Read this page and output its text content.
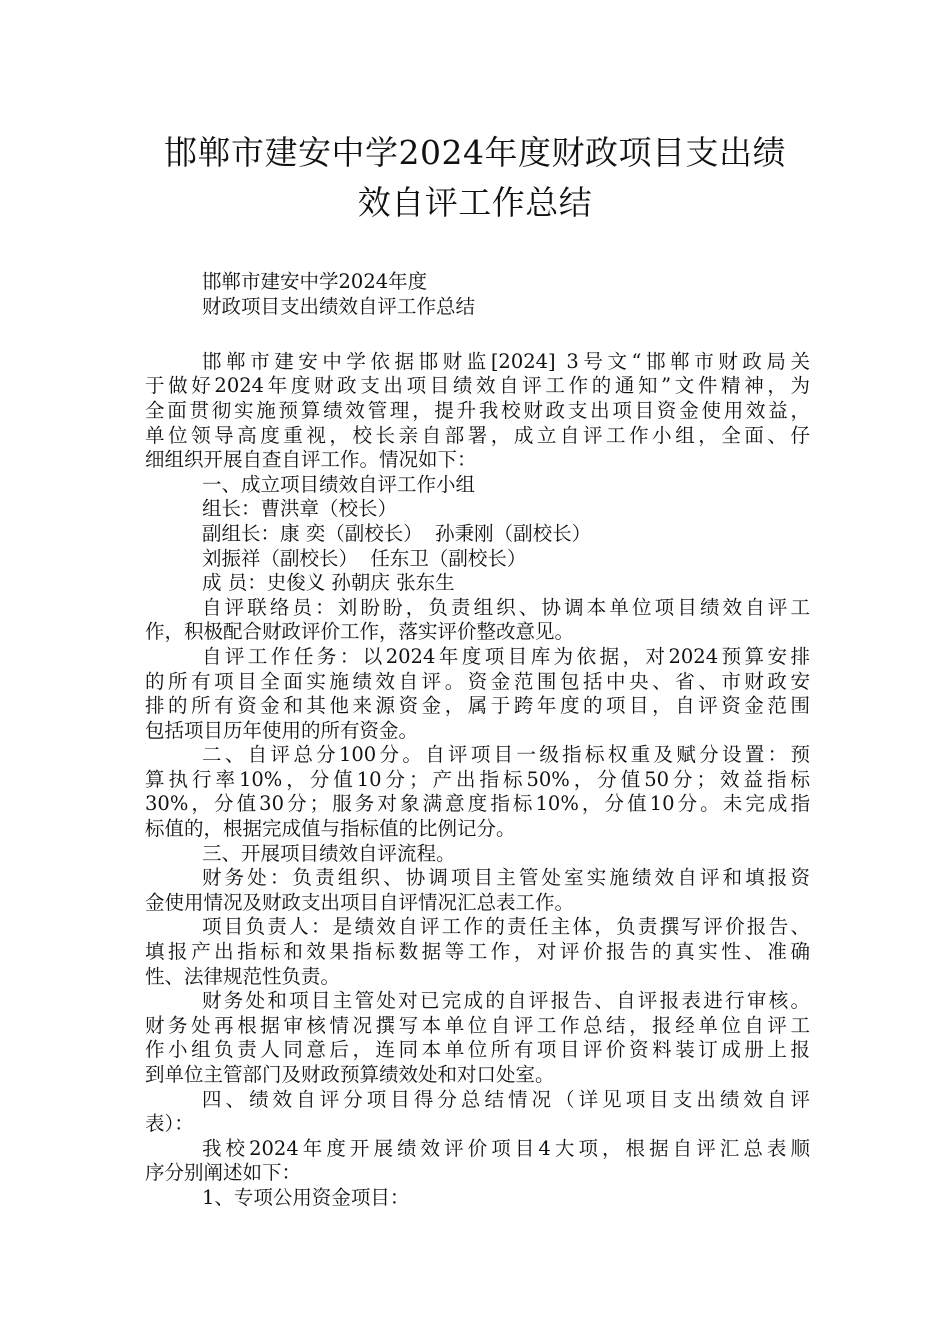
邯郸市建安中学2024年度财政项目支出绩
效自评工作总结
邯郸市建安中学2024年度
财政项目支出绩效自评工作总结
邯郸市建安中学依据邯财监[2024] 3号文“邯郸市财政局关
于做好2024年度财政支出项目绩效自评工作的通知”文件精神，为
全面贯彻实施预算绩效管理，提升我校财政支出项目资金使用效益，
单位领导高度重视，校长亲自部署，成立自评工作小组，全面、仔
细组织开展自查自评工作。情况如下：
一、成立项目绩效自评工作小组
组长：曹洪章（校长）
副组长：康 奕（副校长）  孙秉刚（副校长）
刘振祥（副校长）  任东卫（副校长）
成 员：史俊义 孙朝庆 张东生
自评联络员：刘盼盼，负责组织、协调本单位项目绩效自评工
作，积极配合财政评价工作，落实评价整改意见。
自评工作任务：以2024年度项目库为依据，对2024预算安排
的所有项目全面实施绩效自评。资金范围包括中央、省、市财政安
排的所有资金和其他来源资金，属于跨年度的项目，自评资金范围
包括项目历年使用的所有资金。
二、自评总分100分。自评项目一级指标权重及赋分设置：预
算执行率10%，分值10分；产出指标50%，分值50分；效益指标
30%，分值30分；服务对象满意度指标10%，分值10分。未完成指
标值的，根据完成值与指标值的比例记分。
三、开展项目绩效自评流程。
财务处：负责组织、协调项目主管处室实施绩效自评和填报资
金使用情况及财政支出项目自评情况汇总表工作。
项目负责人：是绩效自评工作的责任主体，负责撰写评价报告、
填报产出指标和效果指标数据等工作，对评价报告的真实性、准确
性、法律规范性负责。
财务处和项目主管处对已完成的自评报告、自评报表进行审核。
财务处再根据审核情况撰写本单位自评工作总结，报经单位自评工
作小组负责人同意后，连同本单位所有项目评价资料装订成册上报
到单位主管部门及财政预算绩效处和对口处室。
四、绩效自评分项目得分总结情况（详见项目支出绩效自评
表）：
我校2024年度开展绩效评价项目4大项，根据自评汇总表顺
序分别阐述如下：
1、专项公用资金项目：
